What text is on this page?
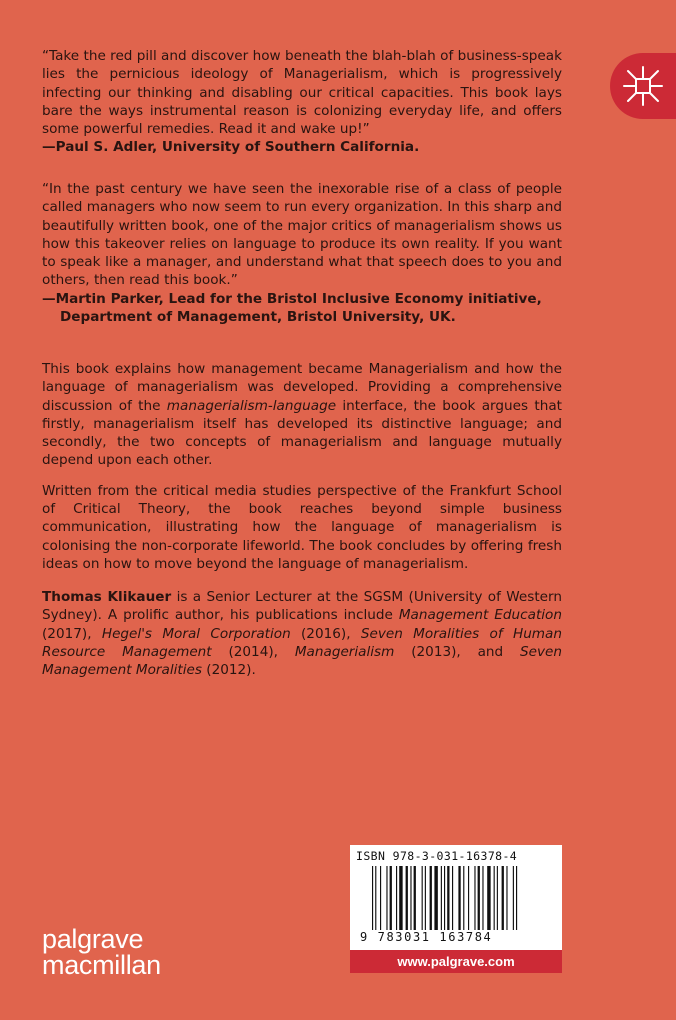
“Take the red pill and discover how beneath the blah-blah of business-speak lies the pernicious ideology of Managerialism, which is progressively infecting our thinking and disabling our critical capacities. This book lays bare the ways instrumental reason is colonizing everyday life, and offers some powerful remedies. Read it and wake up!”

—Paul S. Adler, University of Southern California.

“In the past century we have seen the inexorable rise of a class of people called managers who now seem to run every organization. In this sharp and beautifully written book, one of the major critics of managerialism shows us how this takeover relies on language to produce its own reality. If you want to speak like a manager, and understand what that speech does to you and others, then read this book.”

—Martin Parker, Lead for the Bristol Inclusive Economy initiative,

Department of Management, Bristol University, UK.

This book explains how management became Managerialism and how the language of managerialism was developed. Providing a comprehensive discussion of the managerialism-language interface, the book argues that firstly, managerialism itself has developed its distinctive language; and secondly, the two concepts of managerialism and language mutually depend upon each other.

Written from the critical media studies perspective of the Frankfurt School of Critical Theory, the book reaches beyond simple business communication, illustrating how the language of managerialism is colonising the non-corporate lifeworld. The book concludes by offering fresh ideas on how to move beyond the language of managerialism.

Thomas Klikauer is a Senior Lecturer at the SGSM (University of Western Sydney). A prolific author, his publications include Management Education (2017), Hegel's Moral Corporation (2016), Seven Moralities of Human Resource Management (2014), Managerialism (2013), and Seven Management Moralities (2012).

ISBN 978-3-031-16378-4
9 783031 163784
www.palgrave.com
palgrave
macmillan
